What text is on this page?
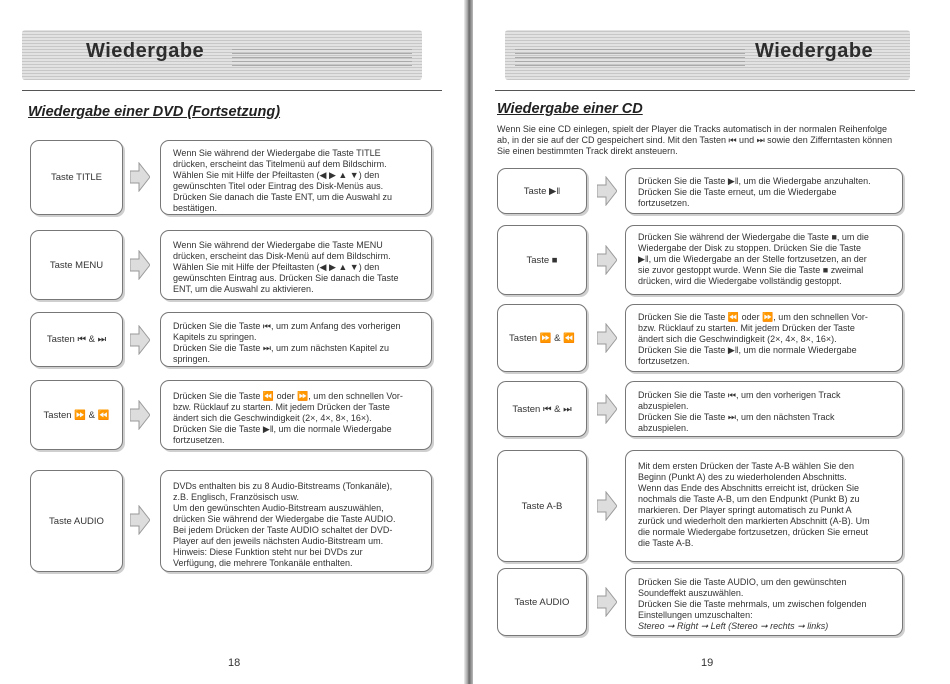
Wiedergabe
Wiedergabe einer DVD (Fortsetzung)
Taste TITLE
Wenn Sie während der Wiedergabe die Taste TITLE
drücken, erscheint das Titelmenü auf dem Bildschirm.
Wählen Sie mit Hilfe der Pfeiltasten (◀ ▶ ▲ ▼) den
gewünschten Titel oder Eintrag des Disk-Menüs aus.
Drücken Sie danach die Taste ENT, um die Auswahl zu
bestätigen.
Taste MENU
Wenn Sie während der Wiedergabe die Taste MENU
drücken, erscheint das Disk-Menü auf dem Bildschirm.
Wählen Sie mit Hilfe der Pfeiltasten (◀ ▶ ▲ ▼) den
gewünschten Eintrag aus. Drücken Sie danach die Taste
ENT, um die Auswahl zu aktivieren.
Tasten ⏮ & ⏭
Drücken Sie die Taste ⏮, um zum Anfang des vorherigen
Kapitels zu springen.
Drücken Sie die Taste ⏭, um zum nächsten Kapitel zu
springen.
Tasten ⏩ & ⏪
Drücken Sie die Taste ⏪ oder ⏩, um den schnellen Vor-
bzw. Rücklauf zu starten. Mit jedem Drücken der Taste
ändert sich die Geschwindigkeit (2×, 4×, 8×, 16×).
Drücken Sie die Taste ▶‖, um die normale Wiedergabe
fortzusetzen.
Taste AUDIO
DVDs enthalten bis zu 8 Audio-Bitstreams (Tonkanäle),
z.B. Englisch, Französisch usw.
Um den gewünschten Audio-Bitstream auszuwählen,
drücken Sie während der Wiedergabe die Taste AUDIO.
Bei jedem Drücken der Taste AUDIO schaltet der DVD-
Player auf den jeweils nächsten Audio-Bitstream um.
Hinweis: Diese Funktion steht nur bei DVDs zur
Verfügung, die mehrere Tonkanäle enthalten.
18
Wiedergabe
Wiedergabe einer CD
Wenn Sie eine CD einlegen, spielt der Player die Tracks automatisch in der normalen Reihenfolge
ab, in der sie auf der CD gespeichert sind. Mit den Tasten ⏮ und ⏭ sowie den Zifferntasten können
Sie einen bestimmten Track direkt ansteuern.
Taste ▶‖
Drücken Sie die Taste ▶‖, um die Wiedergabe anzuhalten.
Drücken Sie die Taste erneut, um die Wiedergabe
fortzusetzen.
Taste ■
Drücken Sie während der Wiedergabe die Taste ■, um die
Wiedergabe der Disk zu stoppen. Drücken Sie die Taste
▶‖, um die Wiedergabe an der Stelle fortzusetzen, an der
sie zuvor gestoppt wurde. Wenn Sie die Taste ■ zweimal
drücken, wird die Wiedergabe vollständig gestoppt.
Tasten ⏩ & ⏪
Drücken Sie die Taste ⏪ oder ⏩, um den schnellen Vor-
bzw. Rücklauf zu starten. Mit jedem Drücken der Taste
ändert sich die Geschwindigkeit (2×, 4×, 8×, 16×).
Drücken Sie die Taste ▶‖, um die normale Wiedergabe
fortzusetzen.
Tasten ⏮ & ⏭
Drücken Sie die Taste ⏮, um den vorherigen Track
abzuspielen.
Drücken Sie die Taste ⏭, um den nächsten Track
abzuspielen.
Taste A-B
Mit dem ersten Drücken der Taste A-B wählen Sie den
Beginn (Punkt A) des zu wiederholenden Abschnitts.
Wenn das Ende des Abschnitts erreicht ist, drücken Sie
nochmals die Taste A-B, um den Endpunkt (Punkt B) zu
markieren. Der Player springt automatisch zu Punkt A
zurück und wiederholt den markierten Abschnitt (A-B). Um
die normale Wiedergabe fortzusetzen, drücken Sie erneut
die Taste A-B.
Taste AUDIO
Drücken Sie die Taste AUDIO, um den gewünschten
Soundeffekt auszuwählen.
Drücken Sie die Taste mehrmals, um zwischen folgenden
Einstellungen umzuschalten:
Stereo ➞ Right ➞ Left (Stereo ➞ rechts ➞ links)
19
